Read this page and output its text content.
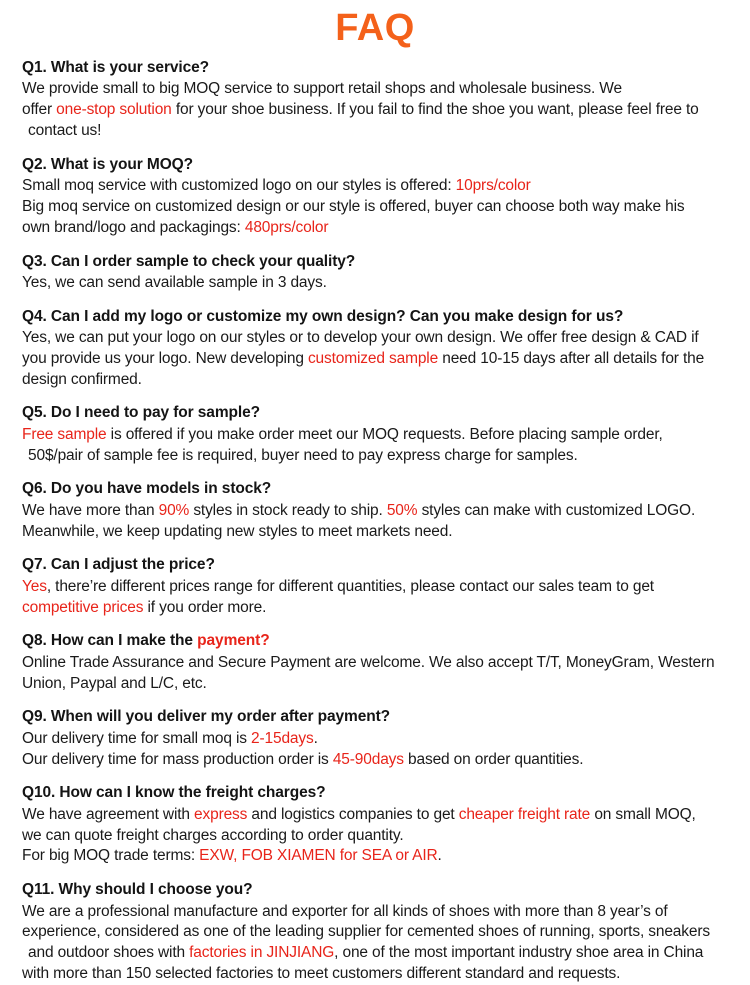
FAQ
Q1. What is your service?
We provide small to big MOQ service to support retail shops and wholesale business. We
offer one-stop solution for your shoe business. If you fail to find the shoe you want, please feel free to
contact us!
Q2. What is your MOQ?
Small moq service with customized logo on our styles is offered: 10prs/color
Big moq service on customized design or our style is offered, buyer can choose both way make his
own brand/logo and packagings: 480prs/color
Q3. Can I order sample to check your quality?
Yes, we can send available sample in 3 days.
Q4. Can I add my logo or customize my own design? Can you make design for us?
Yes, we can put your logo on our styles or to develop your own design. We offer free design & CAD if
you provide us your logo. New developing customized sample need 10-15 days after all details for the
design confirmed.
Q5. Do I need to pay for sample?
Free sample is offered if you make order meet our MOQ requests. Before placing sample order,
50$/pair of sample fee is required, buyer need to pay express charge for samples.
Q6. Do you have models in stock?
We have more than 90% styles in stock ready to ship. 50% styles can make with customized LOGO.
Meanwhile, we keep updating new styles to meet markets need.
Q7. Can I adjust the price?
Yes, there’re different prices range for different quantities, please contact our sales team to get
competitive prices if you order more.
Q8. How can I make the payment?
Online Trade Assurance and Secure Payment are welcome. We also accept T/T, MoneyGram, Western
Union, Paypal and L/C, etc.
Q9. When will you deliver my order after payment?
Our delivery time for small moq is 2-15days.
Our delivery time for mass production order is 45-90days based on order quantities.
Q10. How can I know the freight charges?
We have agreement with express and logistics companies to get cheaper freight rate on small MOQ,
we can quote freight charges according to order quantity.
For big MOQ trade terms: EXW, FOB XIAMEN for SEA or AIR.
Q11. Why should I choose you?
We are a professional manufacture and exporter for all kinds of shoes with more than 8 year’s of
experience, considered as one of the leading supplier for cemented shoes of running, sports, sneakers
and outdoor shoes with factories in JINJIANG, one of the most important industry shoe area in China
with more than 150 selected factories to meet customers different standard and requests.
